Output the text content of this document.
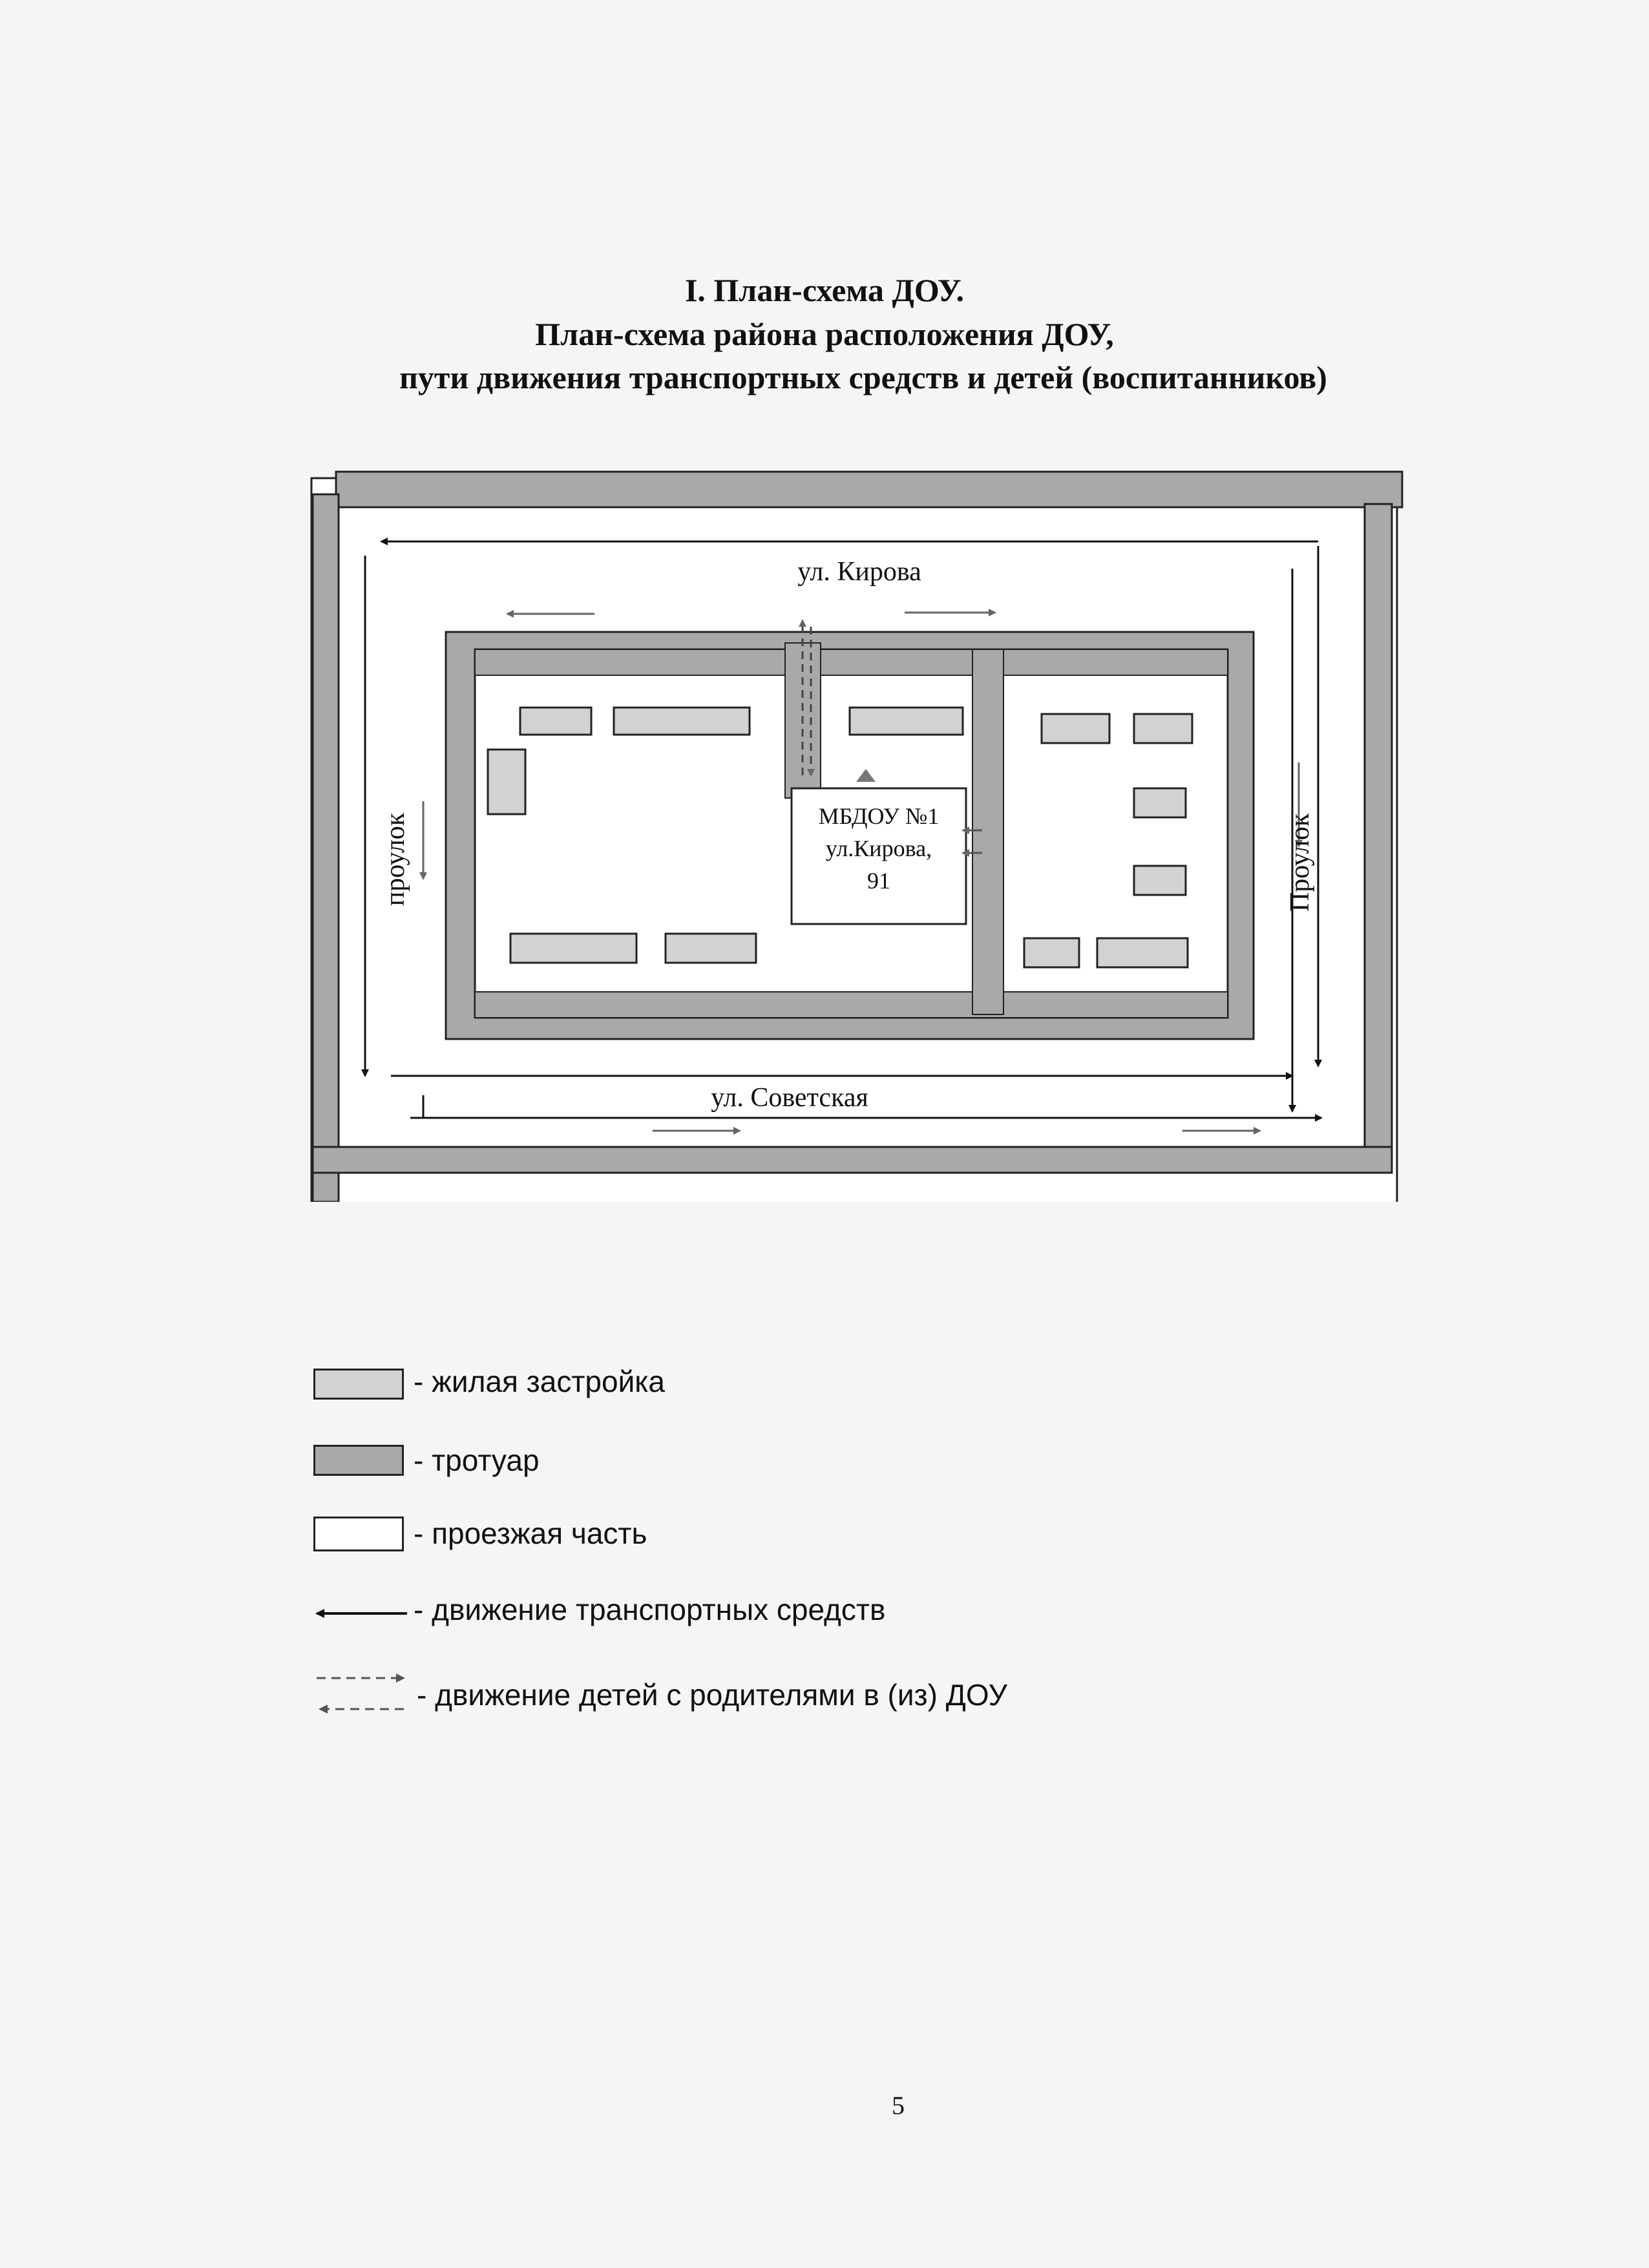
I. План-схема ДОУ.
План-схема района расположения ДОУ,
пути движения транспортных средств и детей (воспитанников)
МБДОУ №1
ул.Кирова,
91
ул. Кирова
ул. Советская
проулок	Проулок
- жилая застройка
- тротуар
- проезжая часть
- движение транспортных средств
- движение детей с родителями в (из) ДОУ
5
